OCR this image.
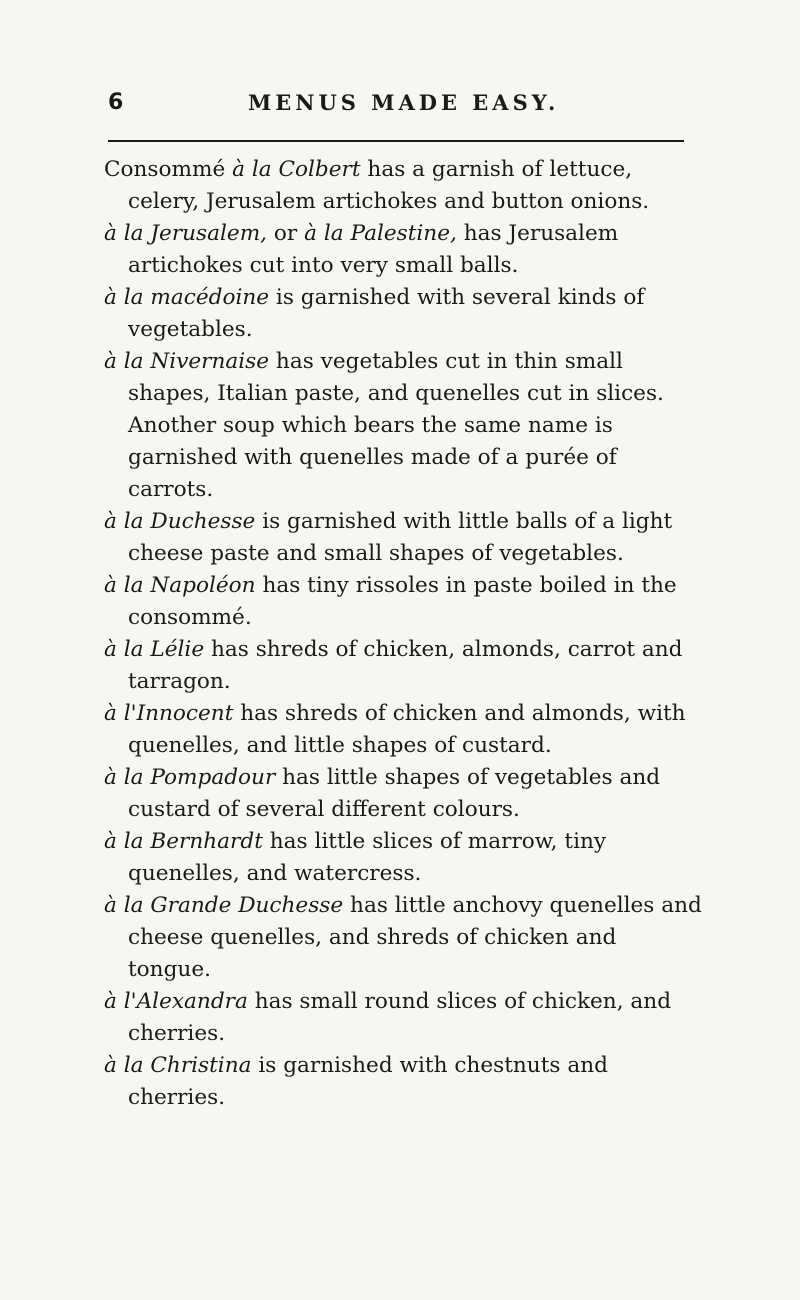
6	MENUS MADE EASY.

Consommé à la Colbert has a garnish of lettuce, celery, Jerusalem artichokes and button onions.

à la Jerusalem, or à la Palestine, has Jerusalem artichokes cut into very small balls.

à la macédoine is garnished with several kinds of vegetables.

à la Nivernaise has vegetables cut in thin small shapes, Italian paste, and quenelles cut in slices. Another soup which bears the same name is garnished with quenelles made of a purée of carrots.

à la Duchesse is garnished with little balls of a light cheese paste and small shapes of vegetables.

à la Napoléon has tiny rissoles in paste boiled in the consommé.

à la Lélie has shreds of chicken, almonds, carrot and tarragon.

à l'Innocent has shreds of chicken and almonds, with quenelles, and little shapes of custard.

à la Pompadour has little shapes of vegetables and custard of several different colours.

à la Bernhardt has little slices of marrow, tiny quenelles, and watercress.

à la Grande Duchesse has little anchovy quenelles and cheese quenelles, and shreds of chicken and tongue.

à l'Alexandra has small round slices of chicken, and cherries.

à la Christina is garnished with chestnuts and cherries.
